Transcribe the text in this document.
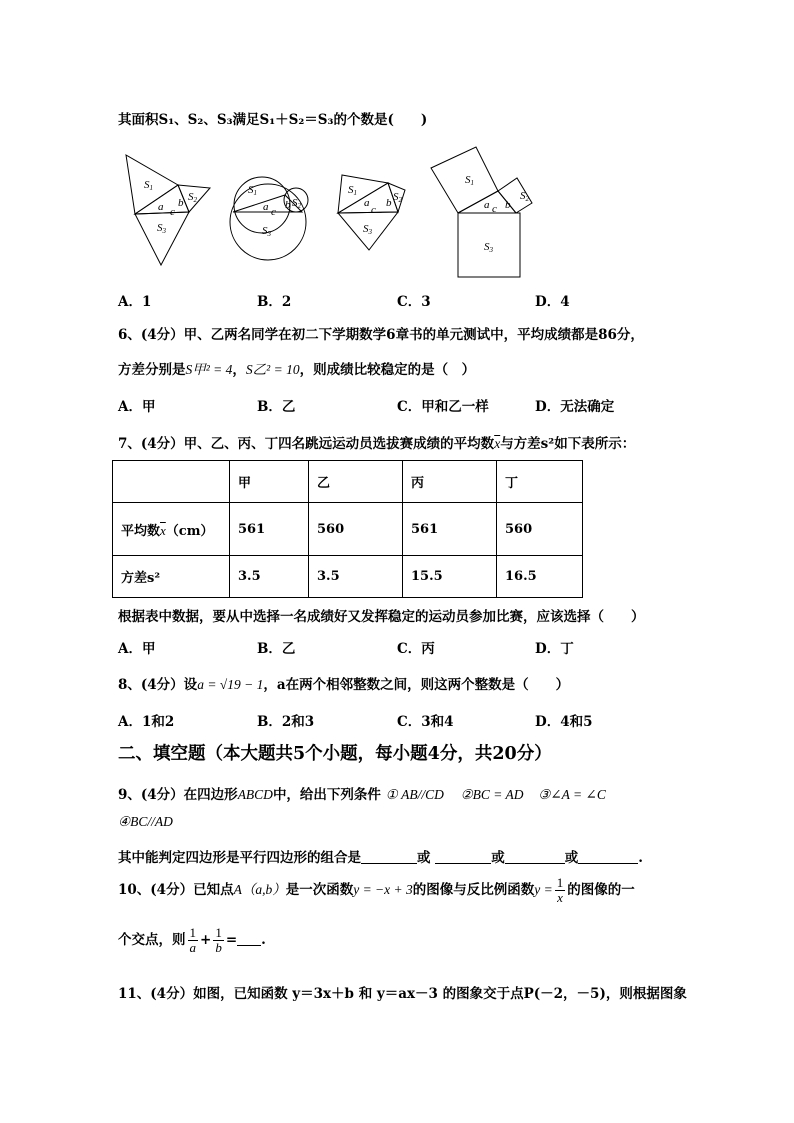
其面积S₁、S₂、S₃满足S₁＋S₂＝S₃的个数是(　　)
S1
S2
S3
a c
b
S1
S2
S3
a c
b
S1	S2
S3
a
c
b
S1
S2
S3
a c b
A．1	B．2	C．3	D．4
6、(4分）甲、乙两名同学在初二下学期数学6章书的单元测试中，平均成绩都是86分，
方差分别是S甲² = 4，S乙² = 10，则成绩比较稳定的是（　）
A．甲	B．乙	C．甲和乙一样	D．无法确定
7、(4分）甲、乙、丙、丁四名跳远运动员选拔赛成绩的平均数$\overline{x}$与方差s²如下表所示：
	甲	乙	丙	丁
平均数$\overline{x}(cm)$	561	560	561	560
方差s²	3.5	3.5	15.5	16.5
根据表中数据，要从中选择一名成绩好又发挥稳定的运动员参加比赛，应该选择（　　）
A．甲	B．乙	C．丙	D．丁
8、(4分）设a = √19 − 1，a在两个相邻整数之间，则这两个整数是（　　）
A．1和2	B．2和3	C．3和4	D．4和5
二、填空题（本大题共5个小题，每小题4分，共20分）
9、(4分）在四边形ABCD中，给出下列条件 ① AB//CD ②BC = AD ③∠A = ∠C
④BC//AD
其中能判定四边形是平行四边形的组合是	或	或	或	.
10、(4分）已知点A（a,b）是一次函数y = −x + 3的图像与反比例函数$y = \frac{1}{x}$ 的图像的一
个交点，则 $\frac{1}{a} + \frac{1}{b}$ = .
11、(4分）如图，已知函数 y＝3x＋b 和 y＝ax－3 的图象交于点P(－2，－5)，则根据图象
